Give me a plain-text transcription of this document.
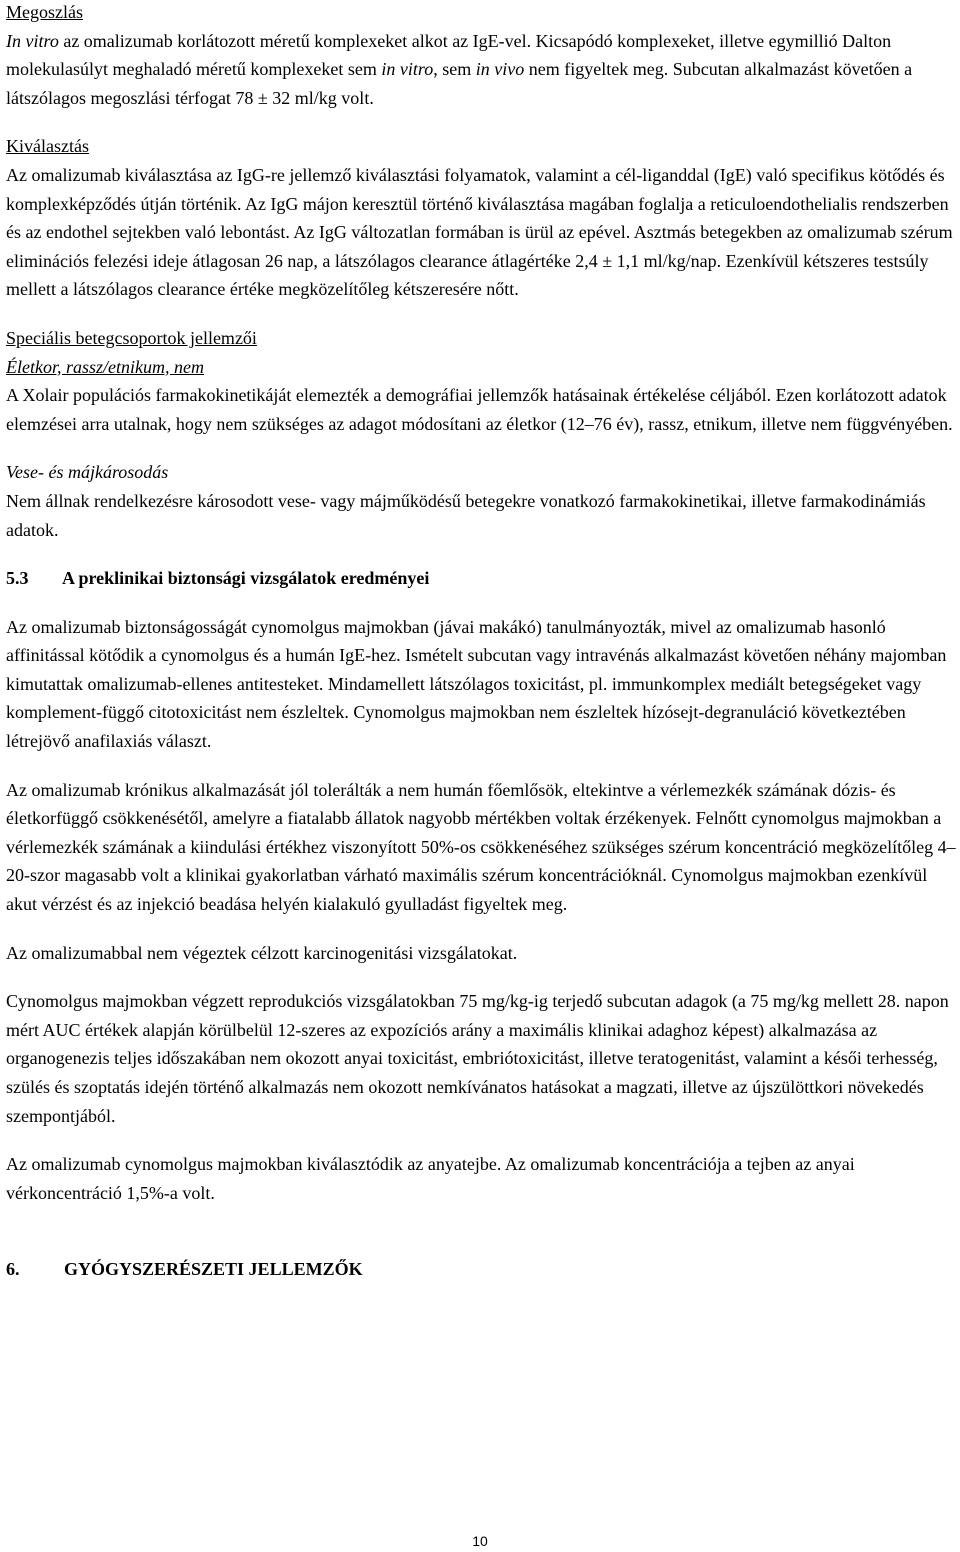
Megoszlás

In vitro az omalizumab korlátozott méretű komplexeket alkot az IgE-vel. Kicsapódó komplexeket, illetve egymillió Dalton molekulasúlyt meghaladó méretű komplexeket sem in vitro, sem in vivo nem figyeltek meg. Subcutan alkalmazást követően a látszólagos megoszlási térfogat 78 ± 32 ml/kg volt.

Kiválasztás

Az omalizumab kiválasztása az IgG-re jellemző kiválasztási folyamatok, valamint a cél-liganddal (IgE) való specifikus kötődés és komplexképződés útján történik. Az IgG májon keresztül történő kiválasztása magában foglalja a reticuloendothelialis rendszerben és az endothel sejtekben való lebontást. Az IgG változatlan formában is ürül az epével. Asztmás betegekben az omalizumab szérum eliminációs felezési ideje átlagosan 26 nap, a látszólagos clearance átlagértéke 2,4 ± 1,1 ml/kg/nap. Ezenkívül kétszeres testsúly mellett a látszólagos clearance értéke megközelítőleg kétszeresére nőtt.

Speciális betegcsoportok jellemzői

Életkor, rassz/etnikum, nem

A Xolair populációs farmakokinetikáját elemezték a demográfiai jellemzők hatásainak értékelése céljából. Ezen korlátozott adatok elemzései arra utalnak, hogy nem szükséges az adagot módosítani az életkor (12–76 év), rassz, etnikum, illetve nem függvényében.

Vese- és májkárosodás

Nem állnak rendelkezésre károsodott vese- vagy májműködésű betegekre vonatkozó farmakokinetikai, illetve farmakodinámiás adatok.

5.3 A preklinikai biztonsági vizsgálatok eredményei

Az omalizumab biztonságosságát cynomolgus majmokban (jávai makákó) tanulmányozták, mivel az omalizumab hasonló affinitással kötődik a cynomolgus és a humán IgE-hez. Ismételt subcutan vagy intravénás alkalmazást követően néhány majomban kimutattak omalizumab-ellenes antitesteket. Mindamellett látszólagos toxicitást, pl. immunkomplex mediált betegségeket vagy komplement-függő citotoxicitást nem észleltek. Cynomolgus majmokban nem észleltek hízósejt-degranuláció következtében létrejövő anafilaxiás választ.

Az omalizumab krónikus alkalmazását jól tolerálták a nem humán főemlősök, eltekintve a vérlemezkék számának dózis- és életkorfüggő csökkenésétől, amelyre a fiatalabb állatok nagyobb mértékben voltak érzékenyek. Felnőtt cynomolgus majmokban a vérlemezkék számának a kiindulási értékhez viszonyított 50%-os csökkenéséhez szükséges szérum koncentráció megközelítőleg 4–20-szor magasabb volt a klinikai gyakorlatban várható maximális szérum koncentrációknál. Cynomolgus majmokban ezenkívül akut vérzést és az injekció beadása helyén kialakuló gyulladást figyeltek meg.

Az omalizumabbal nem végeztek célzott karcinogenitási vizsgálatokat.

Cynomolgus majmokban végzett reprodukciós vizsgálatokban 75 mg/kg-ig terjedő subcutan adagok (a 75 mg/kg mellett 28. napon mért AUC értékek alapján körülbelül 12-szeres az expozíciós arány a maximális klinikai adaghoz képest) alkalmazása az organogenezis teljes időszakában nem okozott anyai toxicitást, embriótoxicitást, illetve teratogenitást, valamint a késői terhesség, szülés és szoptatás idején történő alkalmazás nem okozott nemkívánatos hatásokat a magzati, illetve az újszülöttkori növekedés szempontjából.

Az omalizumab cynomolgus majmokban kiválasztódik az anyatejbe. Az omalizumab koncentrációja a tejben az anyai vérkoncentráció 1,5%-a volt.

6. GYÓGYSZERÉSZETI JELLEMZŐK

10
